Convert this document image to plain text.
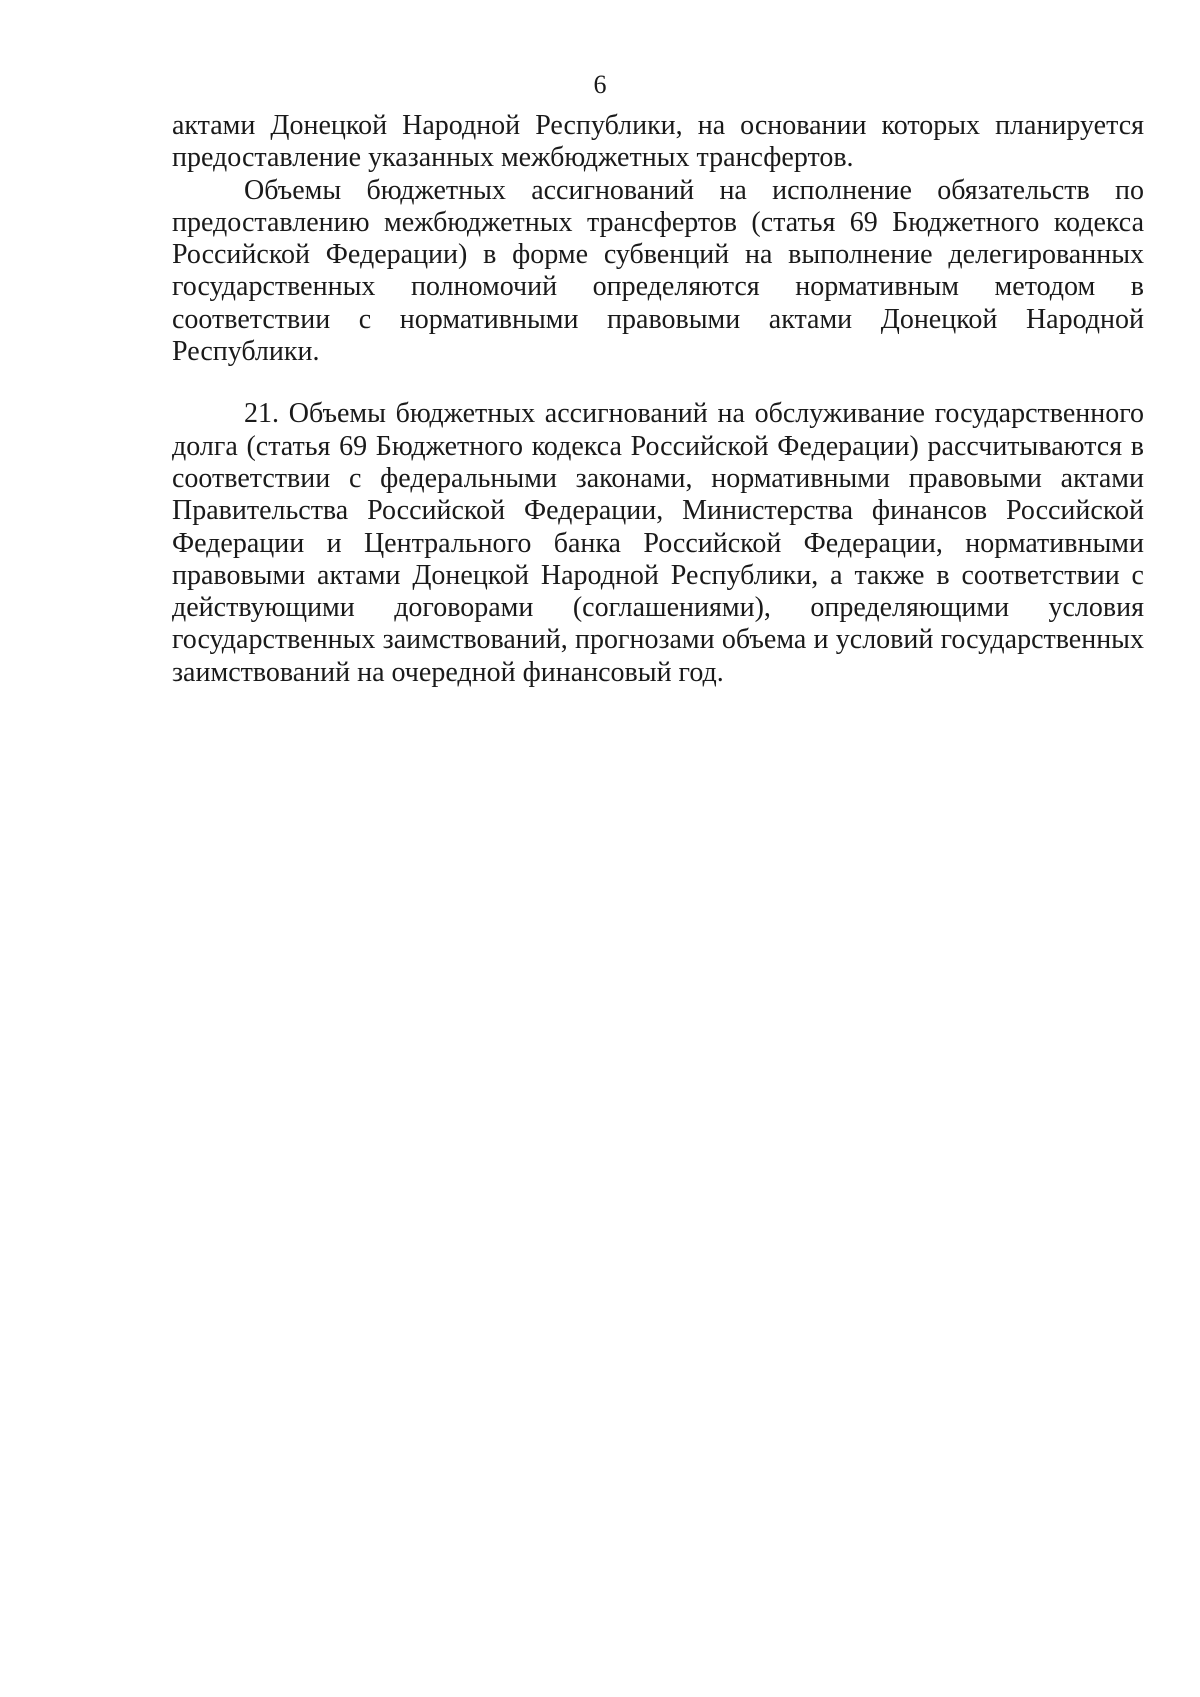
6

актами Донецкой Народной Республики, на основании которых планируется предоставление указанных межбюджетных трансфертов.

Объемы бюджетных ассигнований на исполнение обязательств по предоставлению межбюджетных трансфертов (статья 69 Бюджетного кодекса Российской Федерации) в форме субвенций на выполнение делегированных государственных полномочий определяются нормативным методом в соответствии с нормативными правовыми актами Донецкой Народной Республики.

21. Объемы бюджетных ассигнований на обслуживание государственного долга (статья 69 Бюджетного кодекса Российской Федерации) рассчитываются в соответствии с федеральными законами, нормативными правовыми актами Правительства Российской Федерации, Министерства финансов Российской Федерации и Центрального банка Российской Федерации, нормативными правовыми актами Донецкой Народной Республики, а также в соответствии с действующими договорами (соглашениями), определяющими условия государственных заимствований, прогнозами объема и условий государственных заимствований на очередной финансовый год.
